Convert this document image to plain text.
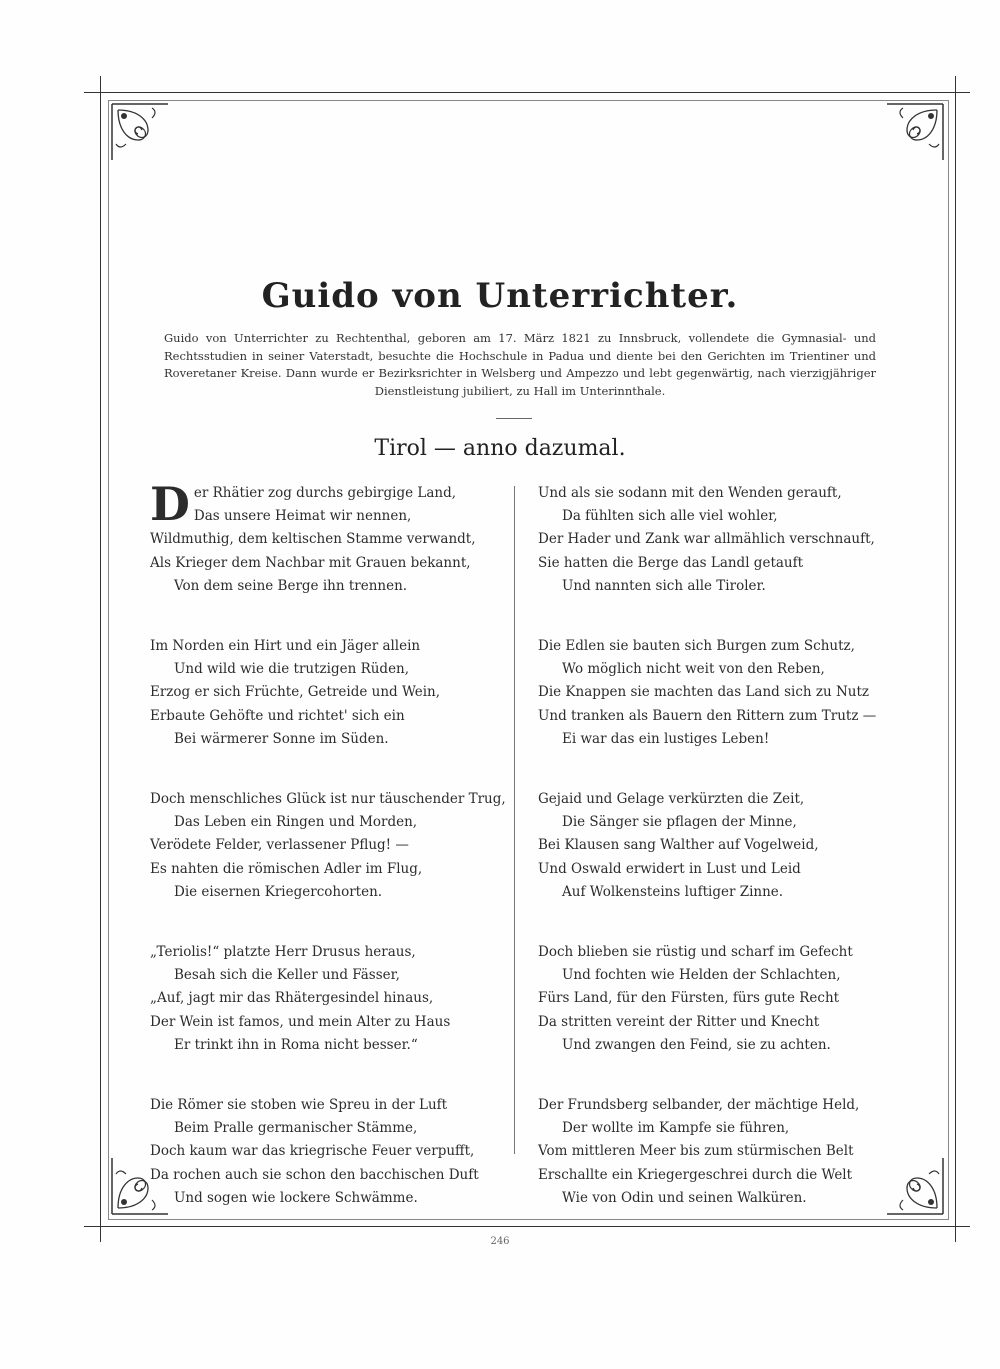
Guido von Unterrichter.
Guido von Unterrichter zu Rechtenthal, geboren am 17. März 1821 zu Innsbruck, vollendete die Gymnasial- und Rechtsstudien in seiner Vaterstadt, besuchte die Hochschule in Padua und diente bei den Gerichten im Trientiner und Roveretaner Kreise. Dann wurde er Bezirksrichter in Welsberg und Ampezzo und lebt gegenwärtig, nach vierzigjähriger Dienstleistung jubiliert, zu Hall im Unterinnthale.
Tirol — anno dazumal.
Der Rhätier zog durchs gebirgige Land,
Das unsere Heimat wir nennen,
Wildmuthig, dem keltischen Stamme verwandt,
Als Krieger dem Nachbar mit Grauen bekannt,
Von dem seine Berge ihn trennen.
Im Norden ein Hirt und ein Jäger allein
Und wild wie die trutzigen Rüden,
Erzog er sich Früchte, Getreide und Wein,
Erbaute Gehöfte und richtet' sich ein
Bei wärmerer Sonne im Süden.
Doch menschliches Glück ist nur täuschender Trug,
Das Leben ein Ringen und Morden,
Verödete Felder, verlassener Pflug! —
Es nahten die römischen Adler im Flug,
Die eisernen Kriegercohorten.
„Teriolis!“ platzte Herr Drusus heraus,
Besah sich die Keller und Fässer,
„Auf, jagt mir das Rhätergesindel hinaus,
Der Wein ist famos, und mein Alter zu Haus
Er trinkt ihn in Roma nicht besser.“
Die Römer sie stoben wie Spreu in der Luft
Beim Pralle germanischer Stämme,
Doch kaum war das kriegrische Feuer verpufft,
Da rochen auch sie schon den bacchischen Duft
Und sogen wie lockere Schwämme.
Und als sie sodann mit den Wenden gerauft,
Da fühlten sich alle viel wohler,
Der Hader und Zank war allmählich verschnauft,
Sie hatten die Berge das Landl getauft
Und nannten sich alle Tiroler.
Die Edlen sie bauten sich Burgen zum Schutz,
Wo möglich nicht weit von den Reben,
Die Knappen sie machten das Land sich zu Nutz
Und tranken als Bauern den Rittern zum Trutz —
Ei war das ein lustiges Leben!
Gejaid und Gelage verkürzten die Zeit,
Die Sänger sie pflagen der Minne,
Bei Klausen sang Walther auf Vogelweid,
Und Oswald erwidert in Lust und Leid
Auf Wolkensteins luftiger Zinne.
Doch blieben sie rüstig und scharf im Gefecht
Und fochten wie Helden der Schlachten,
Fürs Land, für den Fürsten, fürs gute Recht
Da stritten vereint der Ritter und Knecht
Und zwangen den Feind, sie zu achten.
Der Frundsberg selbander, der mächtige Held,
Der wollte im Kampfe sie führen,
Vom mittleren Meer bis zum stürmischen Belt
Erschallte ein Kriegergeschrei durch die Welt
Wie von Odin und seinen Walküren.
246
